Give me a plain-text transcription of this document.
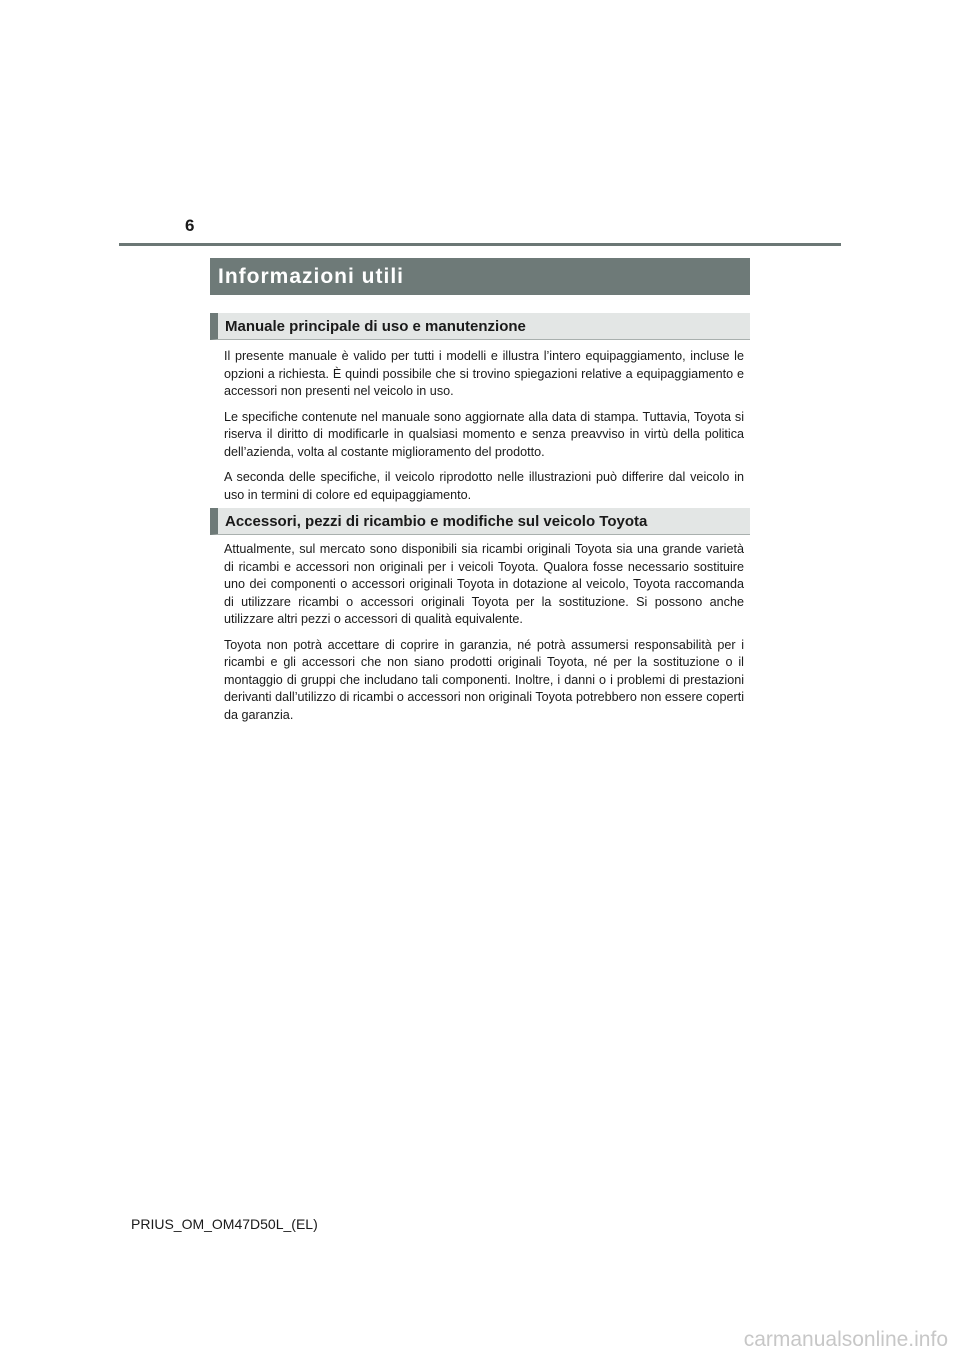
6
Informazioni utili
Manuale principale di uso e manutenzione

Il presente manuale è valido per tutti i modelli e illustra l’intero equipaggiamento, incluse le opzioni a richiesta. È quindi possibile che si trovino spiegazioni relative a equipaggiamento e accessori non presenti nel veicolo in uso.

Le specifiche contenute nel manuale sono aggiornate alla data di stampa. Tuttavia, Toyota si riserva il diritto di modificarle in qualsiasi momento e senza preavviso in virtù della politica dell’azienda, volta al costante miglioramento del prodotto.

A seconda delle specifiche, il veicolo riprodotto nelle illustrazioni può differire dal veicolo in uso in termini di colore ed equipaggiamento.

Accessori, pezzi di ricambio e modifiche sul veicolo Toyota

Attualmente, sul mercato sono disponibili sia ricambi originali Toyota sia una grande varietà di ricambi e accessori non originali per i veicoli Toyota. Qualora fosse necessario sostituire uno dei componenti o accessori originali Toyota in dotazione al veicolo, Toyota raccomanda di utilizzare ricambi o accessori originali Toyota per la sostituzione. Si possono anche utilizzare altri pezzi o accessori di qualità equivalente.

Toyota non potrà accettare di coprire in garanzia, né potrà assumersi responsabilità per i ricambi e gli accessori che non siano prodotti originali Toyota, né per la sostituzione o il montaggio di gruppi che includano tali componenti. Inoltre, i danni o i problemi di prestazioni derivanti dall’utilizzo di ricambi o accessori non originali Toyota potrebbero non essere coperti da garanzia.

PRIUS_OM_OM47D50L_(EL)
carmanualsonline.info
